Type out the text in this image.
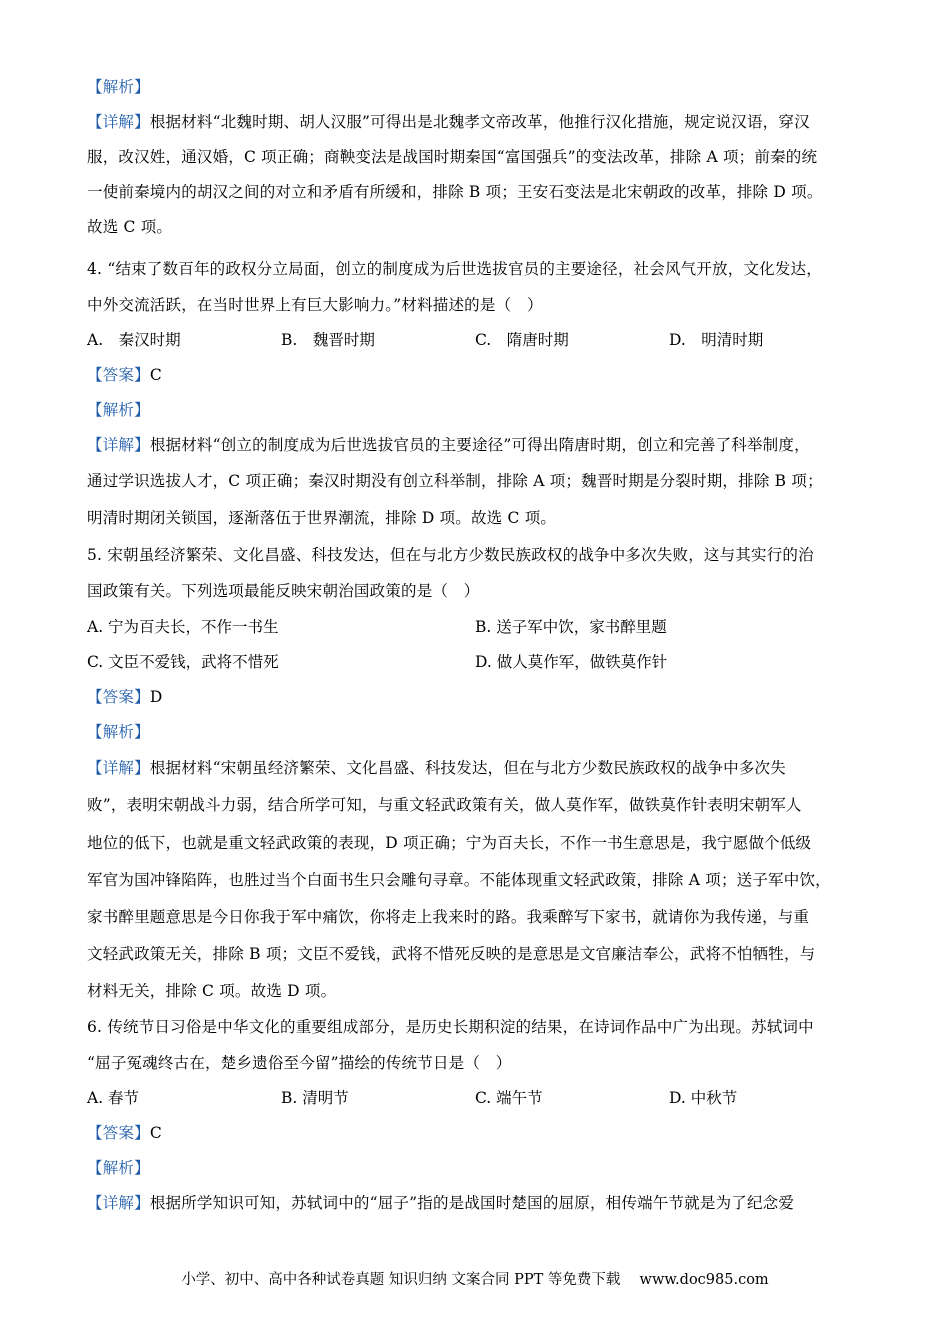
【解析】
【详解】根据材料“北魏时期、胡人汉服”可得出是北魏孝文帝改革，他推行汉化措施，规定说汉语，穿汉
服，改汉姓，通汉婚，C 项正确；商鞅变法是战国时期秦国“富国强兵”的变法改革，排除 A 项；前秦的统
一使前秦境内的胡汉之间的对立和矛盾有所缓和，排除 B 项；王安石变法是北宋朝政的改革，排除 D 项。
故选 C 项。
4. “结束了数百年的政权分立局面，创立的制度成为后世选拔官员的主要途径，社会风气开放，文化发达，
中外交流活跃，在当时世界上有巨大影响力。”材料描述的是（　）
A.　秦汉时期	B.　魏晋时期	C.　隋唐时期	D.　明清时期
【答案】C
【解析】
【详解】根据材料“创立的制度成为后世选拔官员的主要途径”可得出隋唐时期，创立和完善了科举制度，
通过学识选拔人才，C 项正确；秦汉时期没有创立科举制，排除 A 项；魏晋时期是分裂时期，排除 B 项；
明清时期闭关锁国，逐渐落伍于世界潮流，排除 D 项。故选 C 项。
5. 宋朝虽经济繁荣、文化昌盛、科技发达，但在与北方少数民族政权的战争中多次失败，这与其实行的治
国政策有关。下列选项最能反映宋朝治国政策的是（　）
A. 宁为百夫长，不作一书生	B. 送子军中饮，家书醉里题
C. 文臣不爱钱，武将不惜死	D. 做人莫作军，做铁莫作针
【答案】D
【解析】
【详解】根据材料“宋朝虽经济繁荣、文化昌盛、科技发达，但在与北方少数民族政权的战争中多次失
败”，表明宋朝战斗力弱，结合所学可知，与重文轻武政策有关，做人莫作军，做铁莫作针表明宋朝军人
地位的低下，也就是重文轻武政策的表现，D 项正确；宁为百夫长，不作一书生意思是，我宁愿做个低级
军官为国冲锋陷阵，也胜过当个白面书生只会雕句寻章。不能体现重文轻武政策，排除 A 项；送子军中饮，
家书醉里题意思是今日你我于军中痛饮，你将走上我来时的路。我乘醉写下家书，就请你为我传递，与重
文轻武政策无关，排除 B 项；文臣不爱钱，武将不惜死反映的是意思是文官廉洁奉公，武将不怕牺牲，与
材料无关，排除 C 项。故选 D 项。
6. 传统节日习俗是中华文化的重要组成部分，是历史长期积淀的结果，在诗词作品中广为出现。苏轼词中
“屈子冤魂终古在，楚乡遗俗至今留”描绘的传统节日是（　）
A. 春节	B. 清明节	C. 端午节	D. 中秋节
【答案】C
【解析】
【详解】根据所学知识可知，苏轼词中的“屈子”指的是战国时楚国的屈原，相传端午节就是为了纪念爱
小学、初中、高中各种试卷真题 知识归纳 文案合同 PPT 等免费下载　 www.doc985.com
